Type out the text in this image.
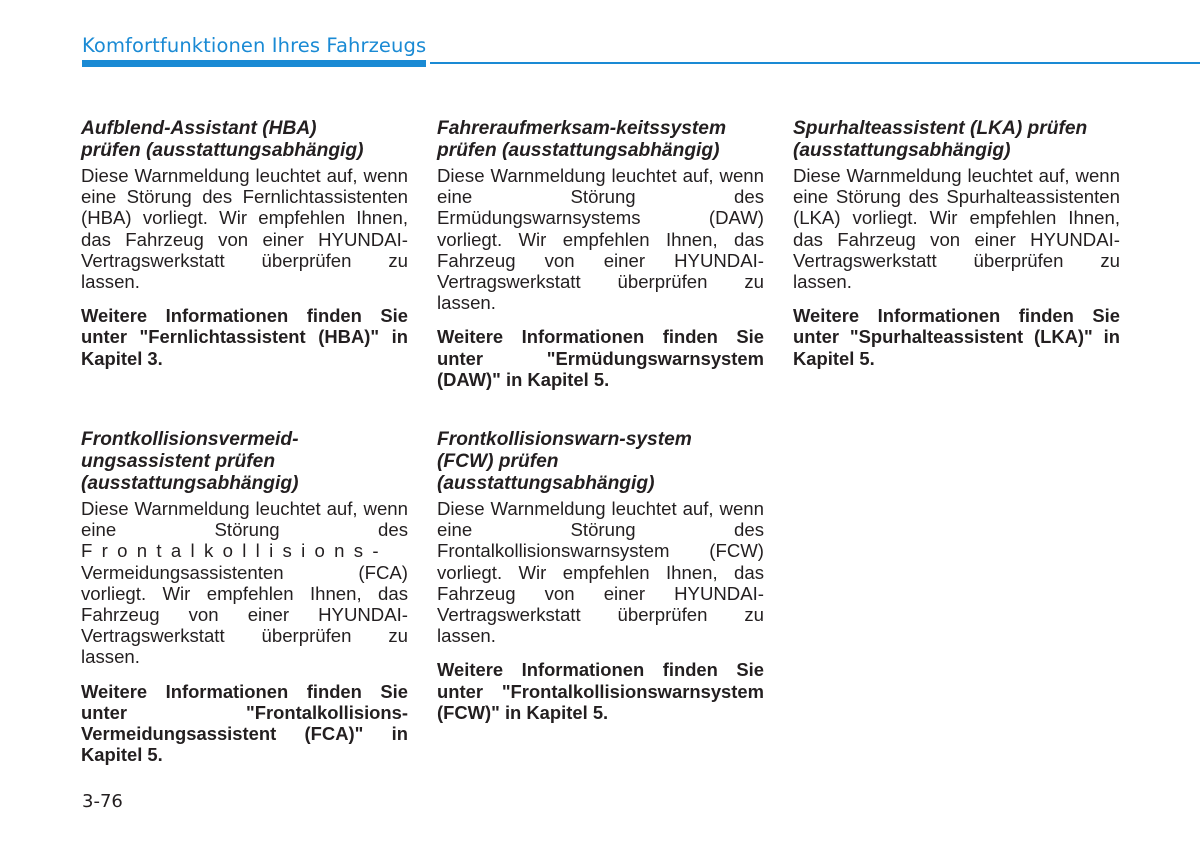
Komfortfunktionen Ihres Fahrzeugs
Aufblend-Assistant (HBA)
prüfen (ausstattungsabhängig)

Diese Warnmeldung leuchtet auf, wenn eine Störung des Fernlichtassistenten (HBA) vorliegt. Wir empfehlen Ihnen, das Fahrzeug von einer HYUNDAI-Vertragswerkstatt überprüfen zu lassen.

Weitere Informationen finden Sie unter "Fernlichtassistent (HBA)" in Kapitel 3.

Frontkollisionsvermeid-
ungsassistent prüfen
(ausstattungsabhängig)

Diese Warnmeldung leuchtet auf, wenn eine Störung des Frontalkollisions- Vermeidungsassistenten (FCA) vorliegt. Wir empfehlen Ihnen, das Fahrzeug von einer HYUNDAI-Vertragswerkstatt überprüfen zu lassen.

Weitere Informationen finden Sie unter "Frontalkollisions-Vermeidungsassistent (FCA)" in Kapitel 5.

Fahreraufmerksam-keitssystem
prüfen (ausstattungsabhängig)

Diese Warnmeldung leuchtet auf, wenn eine Störung des Ermüdungswarnsystems (DAW) vorliegt. Wir empfehlen Ihnen, das Fahrzeug von einer HYUNDAI-Vertragswerkstatt überprüfen zu lassen.

Weitere Informationen finden Sie unter "Ermüdungswarnsystem (DAW)" in Kapitel 5.

Frontkollisionswarn-system
(FCW) prüfen
(ausstattungsabhängig)

Diese Warnmeldung leuchtet auf, wenn eine Störung des Frontalkollisionswarnsystem (FCW) vorliegt. Wir empfehlen Ihnen, das Fahrzeug von einer HYUNDAI-Vertragswerkstatt überprüfen zu lassen.

Weitere Informationen finden Sie unter "Frontalkollisionswarnsystem (FCW)" in Kapitel 5.

Spurhalteassistent (LKA) prüfen
(ausstattungsabhängig)

Diese Warnmeldung leuchtet auf, wenn eine Störung des Spurhalteassistenten (LKA) vorliegt. Wir empfehlen Ihnen, das Fahrzeug von einer HYUNDAI-Vertragswerkstatt überprüfen zu lassen.

Weitere Informationen finden Sie unter "Spurhalteassistent (LKA)" in Kapitel 5.

3-76
